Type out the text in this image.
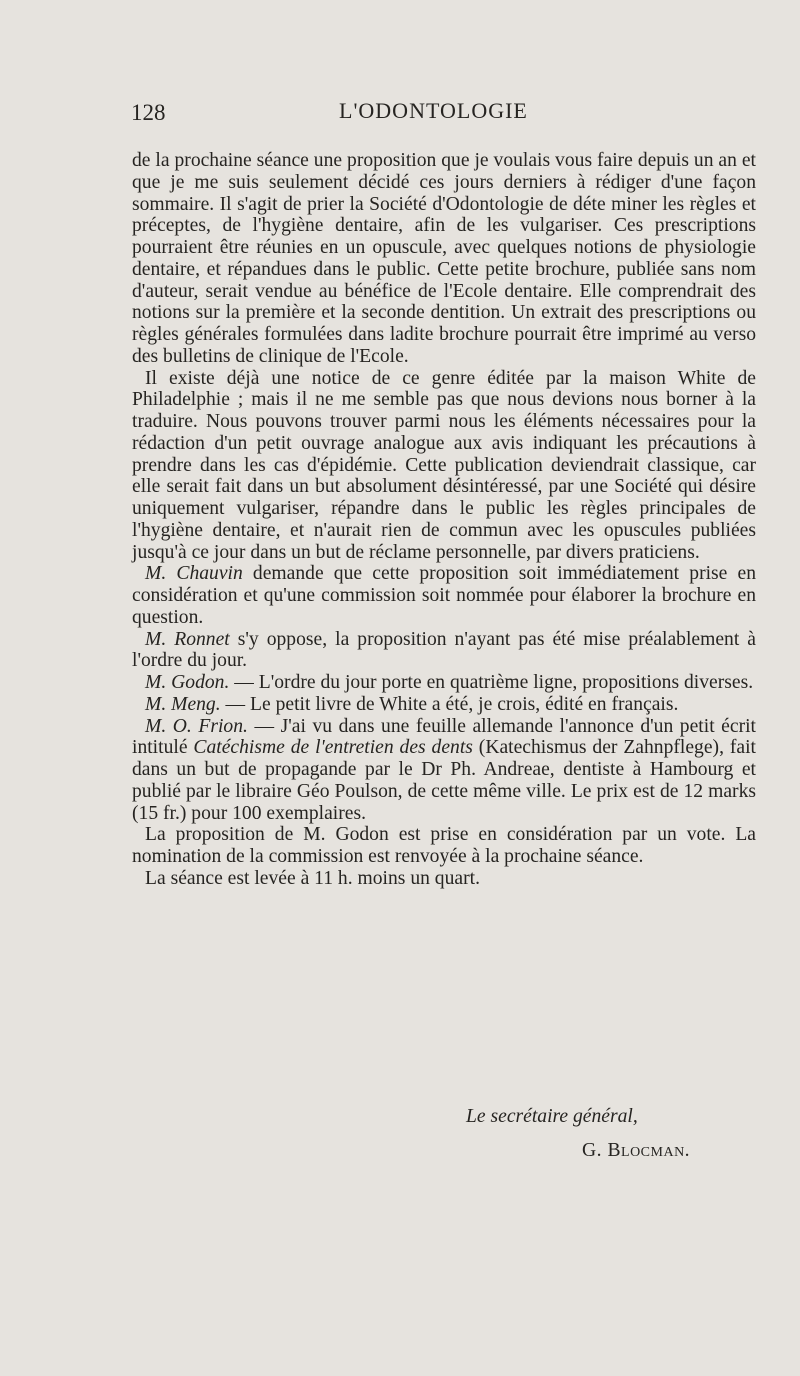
128	L'ODONTOLOGIE

de la prochaine séance une proposition que je voulais vous faire depuis un an et que je me suis seulement décidé ces jours derniers à rédiger d'une façon sommaire. Il s'agit de prier la Société d'Odontologie de déte miner les règles et préceptes, de l'hygiène dentaire, afin de les vulgariser. Ces prescriptions pourraient être réunies en un opuscule, avec quelques notions de physiologie dentaire, et répandues dans le public. Cette petite brochure, publiée sans nom d'auteur, serait vendue au bénéfice de l'Ecole dentaire. Elle comprendrait des notions sur la première et la seconde dentition. Un extrait des prescriptions ou règles générales formulées dans ladite brochure pourrait être imprimé au verso des bulletins de clinique de l'Ecole.

Il existe déjà une notice de ce genre éditée par la maison White de Philadelphie ; mais il ne me semble pas que nous devions nous borner à la traduire. Nous pouvons trouver parmi nous les éléments nécessaires pour la rédaction d'un petit ouvrage analogue aux avis indiquant les précautions à prendre dans les cas d'épidémie. Cette publication deviendrait classique, car elle serait fait dans un but absolument désintéressé, par une Société qui désire uniquement vulgariser, répandre dans le public les règles principales de l'hygiène dentaire, et n'aurait rien de commun avec les opuscules publiées jusqu'à ce jour dans un but de réclame personnelle, par divers praticiens.

M. Chauvin demande que cette proposition soit immédiatement prise en considération et qu'une commission soit nommée pour élaborer la brochure en question.

M. Ronnet s'y oppose, la proposition n'ayant pas été mise préalablement à l'ordre du jour.

M. Godon. — L'ordre du jour porte en quatrième ligne, propositions diverses.

M. Meng. — Le petit livre de White a été, je crois, édité en français.

M. O. Frion. — J'ai vu dans une feuille allemande l'annonce d'un petit écrit intitulé Catéchisme de l'entretien des dents (Katechismus der Zahnpflege), fait dans un but de propagande par le Dr Ph. Andreae, dentiste à Hambourg et publié par le libraire Géo Poulson, de cette même ville. Le prix est de 12 marks (15 fr.) pour 100 exemplaires.

La proposition de M. Godon est prise en considération par un vote. La nomination de la commission est renvoyée à la prochaine séance.

La séance est levée à 11 h. moins un quart.

Le secrétaire général,
G. Blocman.
